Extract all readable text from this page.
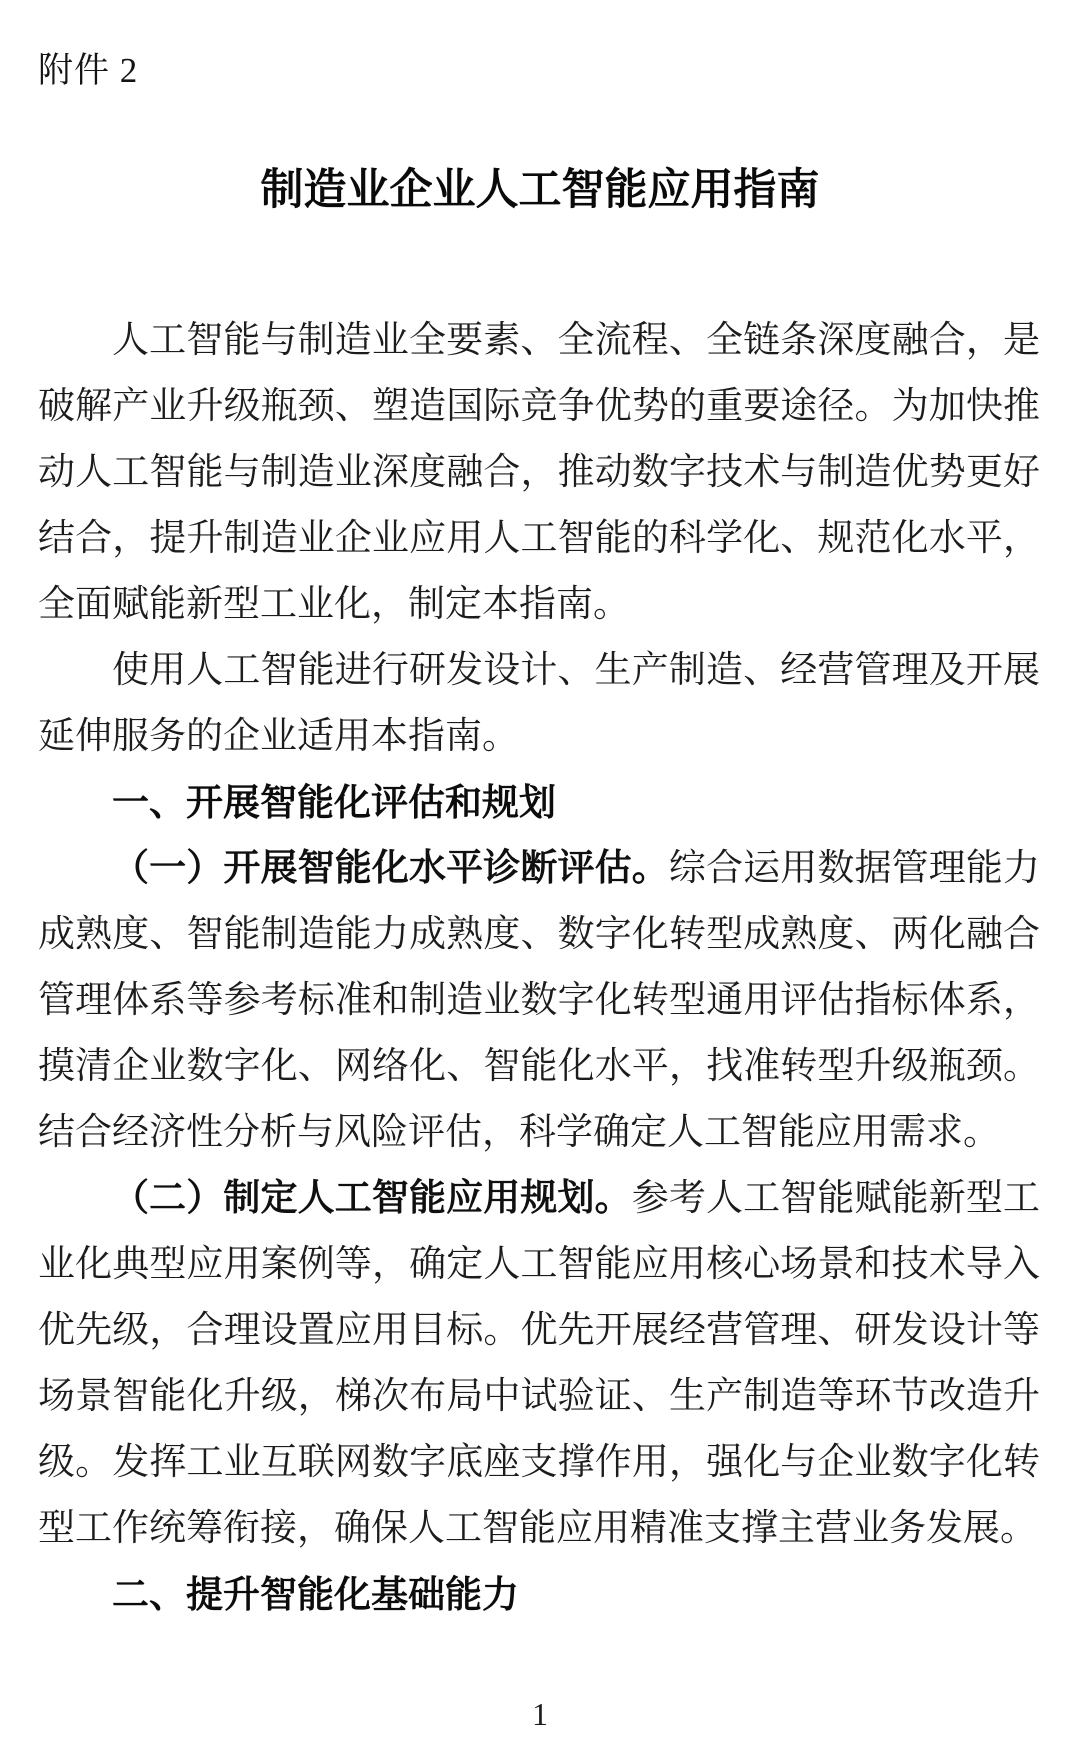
附件 2
制造业企业人工智能应用指南

人工智能与制造业全要素、全流程、全链条深度融合，是破解产业升级瓶颈、塑造国际竞争优势的重要途径。为加快推动人工智能与制造业深度融合，推动数字技术与制造优势更好结合，提升制造业企业应用人工智能的科学化、规范化水平，全面赋能新型工业化，制定本指南。

使用人工智能进行研发设计、生产制造、经营管理及开展延伸服务的企业适用本指南。

一、开展智能化评估和规划

（一）开展智能化水平诊断评估。综合运用数据管理能力成熟度、智能制造能力成熟度、数字化转型成熟度、两化融合管理体系等参考标准和制造业数字化转型通用评估指标体系，摸清企业数字化、网络化、智能化水平，找准转型升级瓶颈。结合经济性分析与风险评估，科学确定人工智能应用需求。

（二）制定人工智能应用规划。参考人工智能赋能新型工业化典型应用案例等，确定人工智能应用核心场景和技术导入优先级，合理设置应用目标。优先开展经营管理、研发设计等场景智能化升级，梯次布局中试验证、生产制造等环节改造升级。发挥工业互联网数字底座支撑作用，强化与企业数字化转型工作统筹衔接，确保人工智能应用精准支撑主营业务发展。

二、提升智能化基础能力

1
